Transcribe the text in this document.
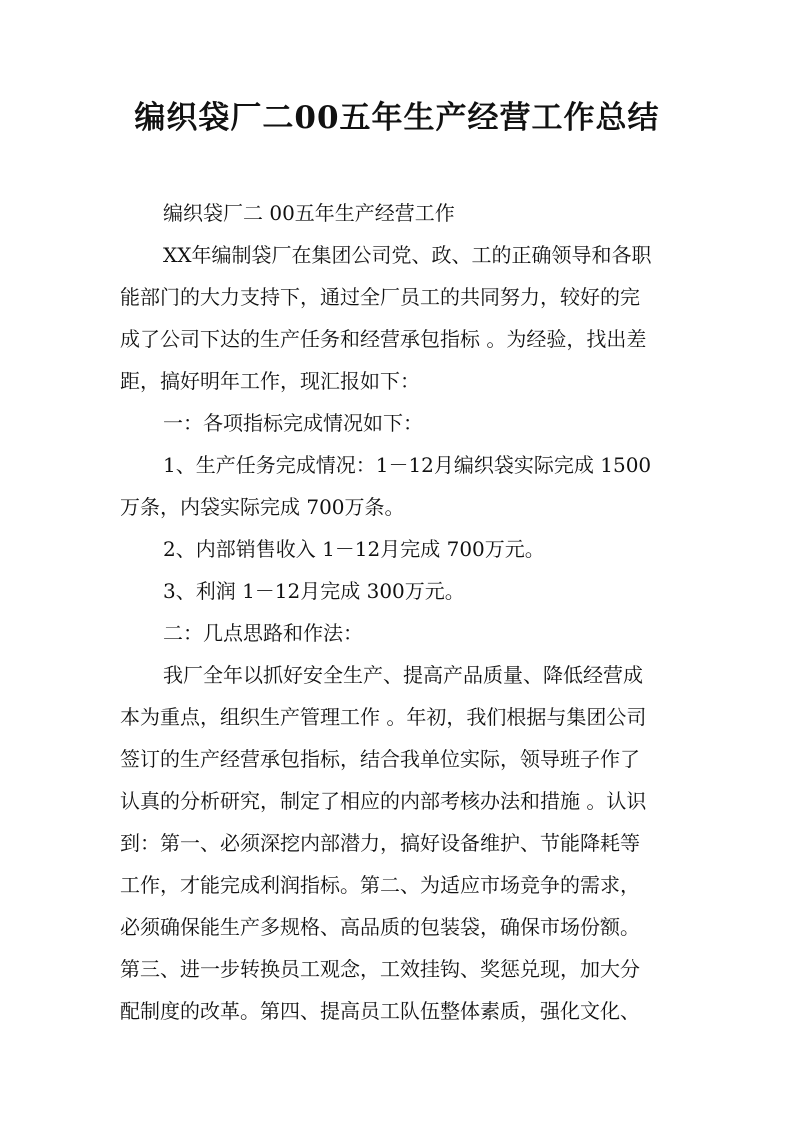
编织袋厂二00五年生产经营工作总结

编织袋厂二 00五年生产经营工作

XX年编制袋厂在集团公司党、政、工的正确领导和各职

能部门的大力支持下，通过全厂员工的共同努力，较好的完

成了公司下达的生产任务和经营承包指标 。为经验，找出差

距，搞好明年工作，现汇报如下：

一：各项指标完成情况如下：

1、生产任务完成情况：1－12月编织袋实际完成 1500

万条，内袋实际完成 700万条。

2、内部销售收入 1－12月完成 700万元。

3、利润 1－12月完成 300万元。

二：几点思路和作法：

我厂全年以抓好安全生产、提高产品质量、降低经营成

本为重点，组织生产管理工作 。年初，我们根据与集团公司

签订的生产经营承包指标，结合我单位实际，领导班子作了

认真的分析研究，制定了相应的内部考核办法和措施 。认识

到：第一、必须深挖内部潜力，搞好设备维护、节能降耗等

工作，才能完成利润指标。第二、为适应市场竞争的需求，

必须确保能生产多规格、高品质的包装袋，确保市场份额。

第三、进一步转换员工观念，工效挂钩、奖惩兑现，加大分

配制度的改革。第四、提高员工队伍整体素质，强化文化、
